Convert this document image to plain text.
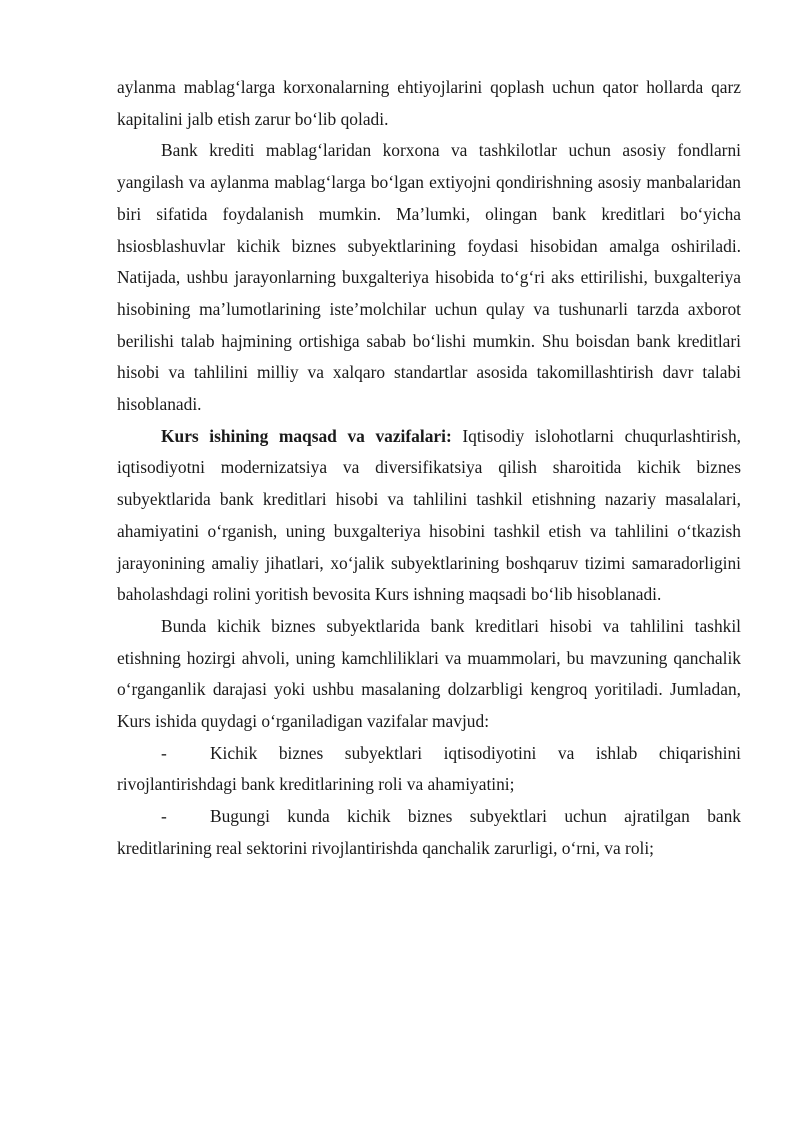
aylanma mablag‘larga korxonalarning ehtiyojlarini qoplash uchun qator hollarda qarz kapitalini jalb etish zarur bo‘lib qoladi.

Bank krediti mablag‘laridan korxona va tashkilotlar uchun asosiy fondlarni yangilash va aylanma mablag‘larga bo‘lgan extiyojni qondirishning asosiy manbalaridan biri sifatida foydalanish mumkin. Ma’lumki, olingan bank kreditlari bo‘yicha hsiosblashuvlar kichik biznes subyektlarining foydasi hisobidan amalga oshiriladi. Natijada, ushbu jarayonlarning buxgalteriya hisobida to‘g‘ri aks ettirilishi, buxgalteriya hisobining ma’lumotlarining iste’molchilar uchun qulay va tushunarli tarzda axborot berilishi talab hajmining ortishiga sabab bo‘lishi mumkin. Shu boisdan bank kreditlari hisobi va tahlilini milliy va xalqaro standartlar asosida takomillashtirish davr talabi hisoblanadi.

Kurs ishining maqsad va vazifalari: Iqtisodiy islohotlarni chuqurlashtirish, iqtisodiyotni modernizatsiya va diversifikatsiya qilish sharoitida kichik biznes subyektlarida bank kreditlari hisobi va tahlilini tashkil etishning nazariy masalalari, ahamiyatini o‘rganish, uning buxgalteriya hisobini tashkil etish va tahlilini o‘tkazish jarayonining amaliy jihatlari, xo‘jalik subyektlarining boshqaruv tizimi samaradorligini baholashdagi rolini yoritish bevosita Kurs ishning maqsadi bo‘lib hisoblanadi.

Bunda kichik biznes subyektlarida bank kreditlari hisobi va tahlilini tashkil etishning hozirgi ahvoli, uning kamchliliklari va muammolari, bu mavzuning qanchalik o‘rganganlik darajasi yoki ushbu masalaning dolzarbligi kengroq yoritiladi. Jumladan, Kurs ishida quydagi o‘rganiladigan vazifalar mavjud:

- Kichik biznes subyektlari iqtisodiyotini va ishlab chiqarishini rivojlantirishdagi bank kreditlarining roli va ahamiyatini;

- Bugungi kunda kichik biznes subyektlari uchun ajratilgan bank kreditlarining real sektorini rivojlantirishda qanchalik zarurligi, o‘rni, va roli;
